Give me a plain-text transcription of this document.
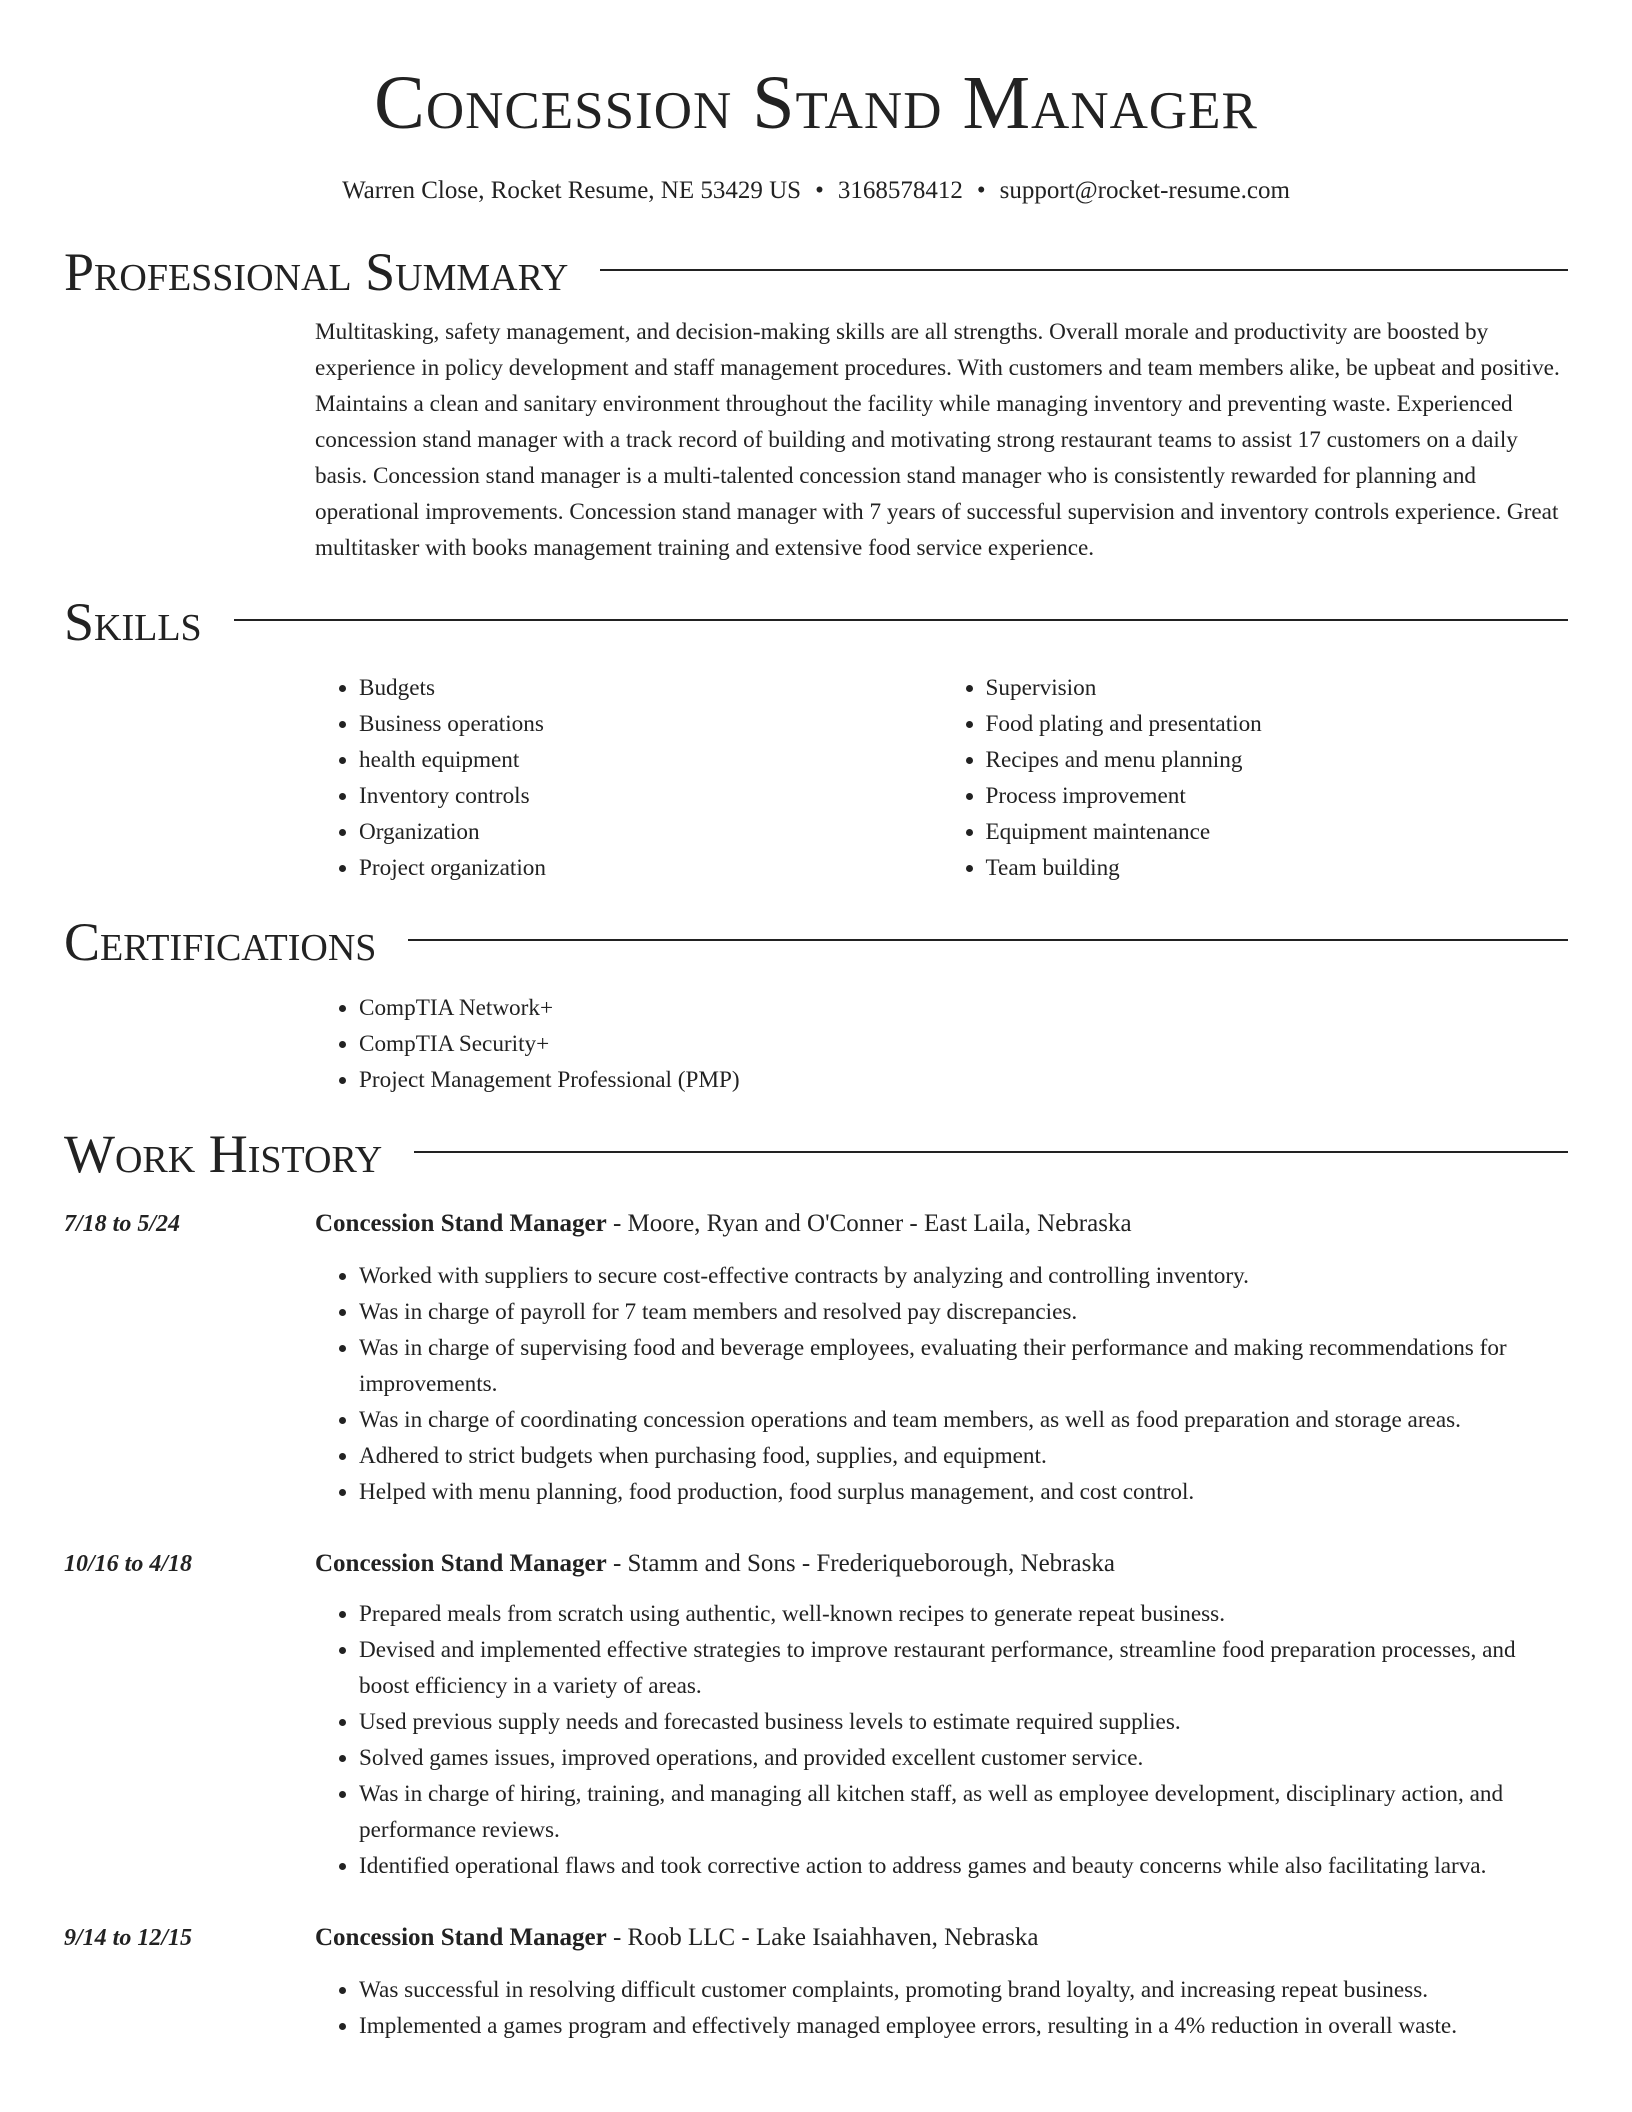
Concession Stand Manager
Warren Close, Rocket Resume, NE 53429 US • 3168578412 • support@rocket-resume.com
Professional Summary
Multitasking, safety management, and decision-making skills are all strengths. Overall morale and productivity are boosted by experience in policy development and staff management procedures. With customers and team members alike, be upbeat and positive. Maintains a clean and sanitary environment throughout the facility while managing inventory and preventing waste. Experienced concession stand manager with a track record of building and motivating strong restaurant teams to assist 17 customers on a daily basis. Concession stand manager is a multi-talented concession stand manager who is consistently rewarded for planning and operational improvements. Concession stand manager with 7 years of successful supervision and inventory controls experience. Great multitasker with books management training and extensive food service experience.
Skills
• Budgets
• Business operations
• health equipment
• Inventory controls
• Organization
• Project organization
• Supervision
• Food plating and presentation
• Recipes and menu planning
• Process improvement
• Equipment maintenance
• Team building
Certifications
• CompTIA Network+
• CompTIA Security+
• Project Management Professional (PMP)
Work History
7/18 to 5/24	Concession Stand Manager - Moore, Ryan and O'Conner - East Laila, Nebraska
• Worked with suppliers to secure cost-effective contracts by analyzing and controlling inventory.
• Was in charge of payroll for 7 team members and resolved pay discrepancies.
• Was in charge of supervising food and beverage employees, evaluating their performance and making recommendations for improvements.
• Was in charge of coordinating concession operations and team members, as well as food preparation and storage areas.
• Adhered to strict budgets when purchasing food, supplies, and equipment.
• Helped with menu planning, food production, food surplus management, and cost control.
10/16 to 4/18	Concession Stand Manager - Stamm and Sons - Frederiqueborough, Nebraska
• Prepared meals from scratch using authentic, well-known recipes to generate repeat business.
• Devised and implemented effective strategies to improve restaurant performance, streamline food preparation processes, and boost efficiency in a variety of areas.
• Used previous supply needs and forecasted business levels to estimate required supplies.
• Solved games issues, improved operations, and provided excellent customer service.
• Was in charge of hiring, training, and managing all kitchen staff, as well as employee development, disciplinary action, and performance reviews.
• Identified operational flaws and took corrective action to address games and beauty concerns while also facilitating larva.
9/14 to 12/15	Concession Stand Manager - Roob LLC - Lake Isaiahhaven, Nebraska
• Was successful in resolving difficult customer complaints, promoting brand loyalty, and increasing repeat business.
• Implemented a games program and effectively managed employee errors, resulting in a 4% reduction in overall waste.
